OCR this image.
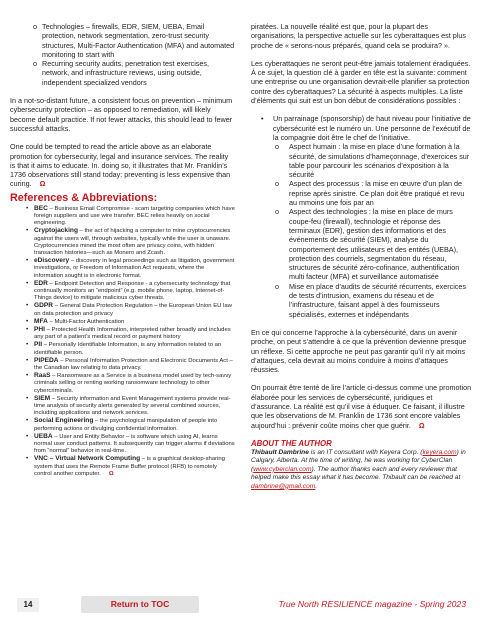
o Technologies – firewalls, EDR, SIEM, UEBA, Email protection, network segmentation, zero-trust security structures, Multi-Factor Authentication (MFA) and automated monitoring to start with
o Recurring security audits, penetration test exercises, network, and infrastructure reviews, using outside, independent specialized vendors

In a not-so-distant future, a consistent focus on prevention – minimum cybersecurity protection – as opposed to remediation, will likely become default practice. If not fewer attacks, this should lead to fewer successful attacks.

One could be tempted to read the article above as an elaborate promotion for cybersecurity, legal and insurance services. The reality is that it aims to educate. In. doing so, it illustrates that Mr. Franklin’s 1736 observations still stand today: preventing is less expensive than curing. Ω

References & Abbreviations:
• BEC – Business Email Compromise - scam targeting companies which have foreign suppliers and use wire transfer. BEC relies heavily on social engineering.
• Cryptojacking – the act of hijacking a computer to mine cryptocurrencies against the users will, through websites, typically while the user is unaware. Cryptocurrencies mined the most often are privacy coins, with hidden transaction histories—such as Monero and Zcash.
• eDiscovery – discovery in legal proceedings such as litigation, government investigations, or Freedom of Information Act requests, where the information sought is in electronic format.
• EDR – Endpoint Detection and Response - a cybersecurity technology that continually monitors an “endpoint” (e.g. mobile phone, laptop, Internet-of-Things device) to mitigate malicious cyber threats.
• GDPR – General Data Protection Regulation – the European Union EU law on data protection and privacy
• MFA – Multi-Factor Authentication
• PHI – Protected Health Information, interpreted rather broadly and includes any part of a patient’s medical record or payment history
• PII – Personally Identifiable Information, is any information related to an identifiable person.
• PIPEDA – Personal Information Protection and Electronic Documents Act – the Canadian law relating to data privacy.
• RaaS – Ransomware as a Service is a business model used by tech-savvy criminals selling or renting working ransomware technology to other cybercriminals.
• SIEM – Security information and Event Management systems provide real-time analysis of security alerts generated by several combined sources, including applications and network services.
• Social Engineering – the psychological manipulation of people into performing actions or divulging confidential information.
• UEBA – User and Entity Behavior – is software which using AI, learns normal user conduct patterns. It subsequently can trigger alarms if deviations from “normal” behavior in real-time.
• VNC – Virtual Network Computing – is a graphical desktop-sharing system that uses the Remote Frame Buffer protocol (RFB) to remotely control another computer. Ω

piratées. La nouvelle réalité est que, pour la plupart des organisations, la perspective actuelle sur les cyberattaques est plus proche de « serons-nous préparés, quand cela se produira? ».

Les cyberattaques ne seront peut-être jamais totalement éradiquées. À ce sujet, la question clé à garder en tête est la suivante: comment une entreprise ou une organisation devrait-elle planifier sa protection contre des cyberattaques? La sécurité à aspects multiples. La liste d’éléments qui suit est un bon début de considérations possibles :

• Un parrainage (sponsorship) de haut niveau pour l’initiative de cybersécurité est le numéro un. Une personne de l’exécutif de la compagnie doit être le chef de l’initiative.
o Aspect humain : la mise en place d’une formation à la sécurité, de simulations d’hameçonnage, d’exercices sur table pour parcourir les scénarios d’exposition à la sécurité
o Aspect des processus : la mise en œuvre d’un plan de reprise après sinistre. Ce plan doit être pratiqué et revu au mmoins une fois par an
o Aspect des technologies : la mise en place de murs coupe-feu (firewall), technologie et réponse des terminaux (EDR), gestion des informations et des événements de sécurité (SIEM), analyse du comportement des utilisateurs et des entités (UEBA), protection des courriels, segmentation du réseau, structures de sécurité zéro-cofinance, authentification multi facteur (MFA) et surveillance automatisée
o Mise en place d’audits de sécurité récurrents, exercices de tests d’intrusion, examens du réseau et de l’infrastructure, faisant appel à des fournisseurs spécialisés, externes et indépendants

En ce qui concerne l’approche à la cybersécurité, dans un avenir proche, on peut s’attendre à ce que la prévention devienne presque un réflexe. Si cette approche ne peut pas garantir qu’il n’y ait moins d’attaques, cela devrait au moins conduire à moins d’attaques réussies.

On pourrait être tenté de lire l’article ci-dessus comme une promotion élaborée pour les services de cybersécurité, juridiques et d’assurance. La réalité est qu’il vise à éduquer. Ce faisant, il illustre que les observations de M. Franklin de 1736 sont encore valables aujourd’hui : prévenir coûte moins cher que guérir. Ω

ABOUT THE AUTHOR

Thibault Dambrine is an IT consultant with Keyera Corp. (keyera.com) in Calgary, Alberta. At the time of writing, he was working for CyberClan (www.cyberclan.com). The author thanks each and every reviewer that helped make this essay what it has become. Thibault can be reached at dambrine@gmail.com.

14	Return to TOC	True North RESILIENCE magazine - Spring 2023
